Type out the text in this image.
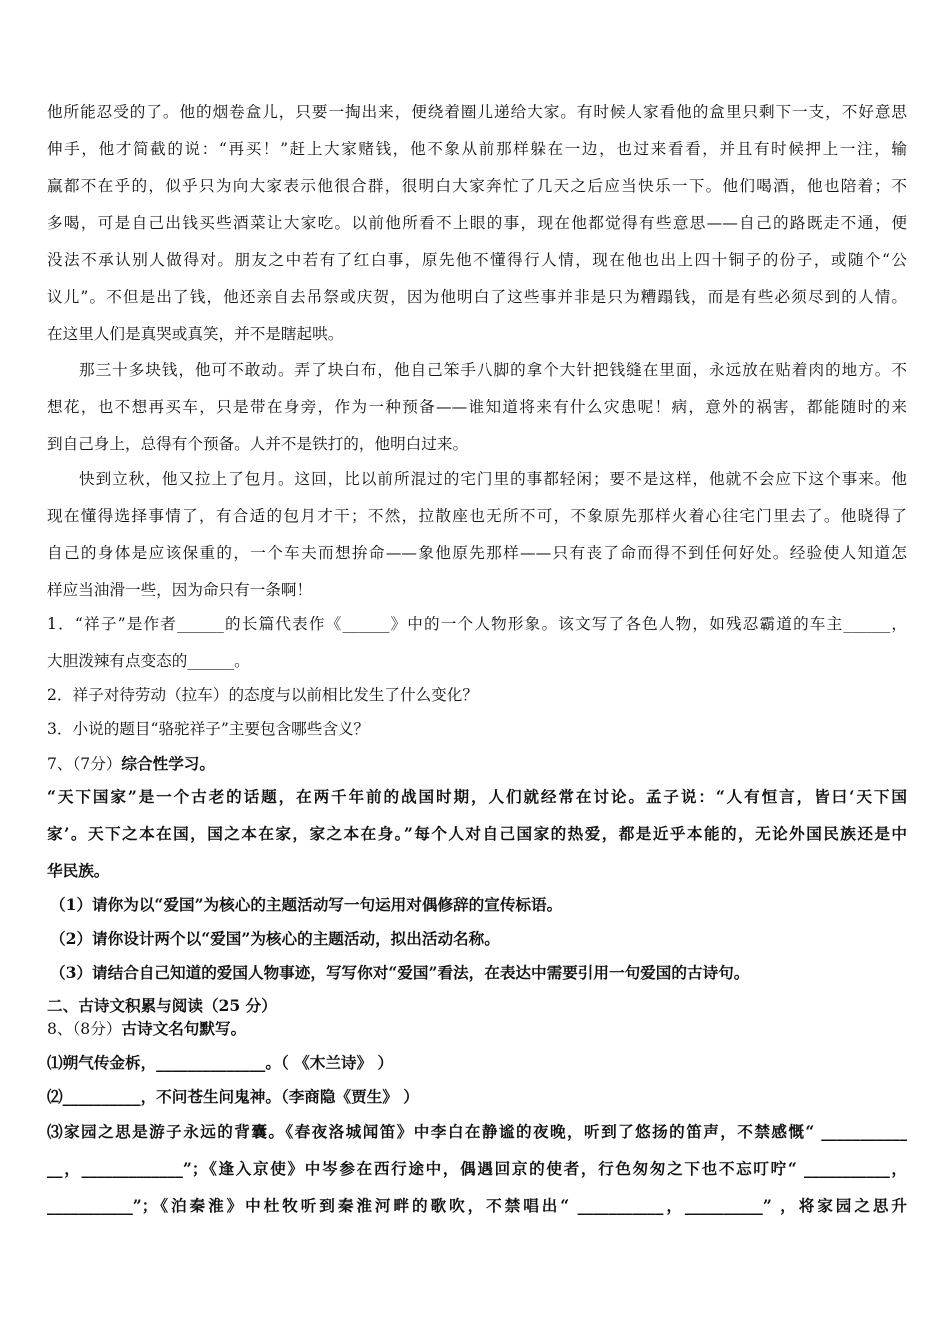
他所能忍受的了。他的烟卷盒儿，只要一掏出来，便绕着圈儿递给大家。有时候人家看他的盒里只剩下一支，不好意思
伸手，他才简截的说：“再买！”赶上大家赌钱，他不象从前那样躲在一边，也过来看看，并且有时候押上一注，输
赢都不在乎的，似乎只为向大家表示他很合群，很明白大家奔忙了几天之后应当快乐一下。他们喝酒，他也陪着；不
多喝，可是自己出钱买些酒菜让大家吃。以前他所看不上眼的事，现在他都觉得有些意思——自己的路既走不通，便
没法不承认别人做得对。朋友之中若有了红白事，原先他不懂得行人情，现在他也出上四十铜子的份子，或随个“公
议儿”。不但是出了钱，他还亲自去吊祭或庆贺，因为他明白了这些事并非是只为糟蹋钱，而是有些必须尽到的人情。
在这里人们是真哭或真笑，并不是瞎起哄。
那三十多块钱，他可不敢动。弄了块白布，他自己笨手八脚的拿个大针把钱缝在里面，永远放在贴着肉的地方。不
想花，也不想再买车，只是带在身旁，作为一种预备——谁知道将来有什么灾患呢！病，意外的祸害，都能随时的来
到自己身上，总得有个预备。人并不是铁打的，他明白过来。
快到立秋，他又拉上了包月。这回，比以前所混过的宅门里的事都轻闲；要不是这样，他就不会应下这个事来。他
现在懂得选择事情了，有合适的包月才干；不然，拉散座也无所不可，不象原先那样火着心往宅门里去了。他晓得了
自己的身体是应该保重的，一个车夫而想拚命——象他原先那样——只有丧了命而得不到任何好处。经验使人知道怎
样应当油滑一些，因为命只有一条啊！
1．“祥子”是作者______的长篇代表作《______》中的一个人物形象。该文写了各色人物，如残忍霸道的车主______，
大胆泼辣有点变态的______。
2．祥子对待劳动（拉车）的态度与以前相比发生了什么变化？
3．小说的题目“骆驼祥子”主要包含哪些含义？
7、（7分）综合性学习。
“天下国家”是一个古老的话题，在两千年前的战国时期，人们就经常在讨论。孟子说：“人有恒言，皆曰‘天下国
家’。天下之本在国，国之本在家，家之本在身。”每个人对自己国家的热爱，都是近乎本能的，无论外国民族还是中
华民族。
（1）请你为以“爱国”为核心的主题活动写一句运用对偶修辞的宣传标语。
（2）请你设计两个以“爱国”为核心的主题活动，拟出活动名称。
（3）请结合自己知道的爱国人物事迹，写写你对“爱国”看法，在表达中需要引用一句爱国的古诗句。
二、古诗文积累与阅读（25 分）
8、（8分）古诗文名句默写。
⑴朔气传金柝，______________。（ 《木兰诗》 ）
⑵__________，不问苍生问鬼神。（李商隐《贾生》 ）
⑶家园之思是游子永远的背囊。《春夜洛城闻笛》中李白在静谧的夜晚，听到了悠扬的笛声，不禁感慨“ ___________
__，_____________”；《逢入京使》中岑参在西行途中，偶遇回京的使者，行色匆匆之下也不忘叮咛“ ___________，
___________”；《泊秦淮》中杜牧听到秦淮河畔的歌吹，不禁唱出“ ___________，__________” ，将家园之思升
